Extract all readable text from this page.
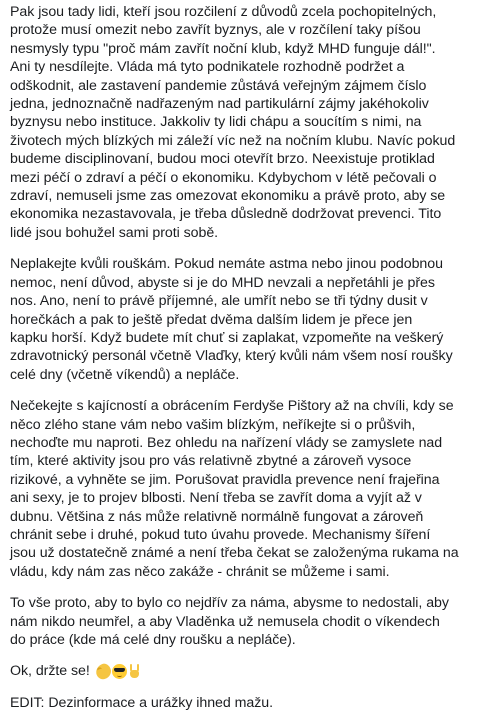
Pak jsou tady lidi, kteří jsou rozčilení z důvodů zcela pochopitelných,
protože musí omezit nebo zavřít byznys, ale v rozčílení taky píšou
nesmysly typu "proč mám zavřít noční klub, když MHD funguje dál!".
Ani ty nesdílejte. Vláda má tyto podnikatele rozhodně podržet a
odškodnit, ale zastavení pandemie zůstává veřejným zájmem číslo
jedna, jednoznačně nadřazeným nad partikulární zájmy jakéhokoliv
byznysu nebo instituce. Jakkoliv ty lidi chápu a soucítím s nimi, na
životech mých blízkých mi záleží víc než na nočním klubu. Navíc pokud
budeme disciplinovaní, budou moci otevřít brzo. Neexistuje protiklad
mezi péčí o zdraví a péčí o ekonomiku. Kdybychom v létě pečovali o
zdraví, nemuseli jsme zas omezovat ekonomiku a právě proto, aby se
ekonomika nezastavovala, je třeba důsledně dodržovat prevenci. Tito
lidé jsou bohužel sami proti sobě.

Neplakejte kvůli rouškám. Pokud nemáte astma nebo jinou podobnou
nemoc, není důvod, abyste si je do MHD nevzali a nepřetáhli je přes
nos. Ano, není to právě příjemné, ale umřít nebo se tři týdny dusit v
horečkách a pak to ještě předat dvěma dalším lidem je přece jen
kapku horší. Když budete mít chuť si zaplakat, vzpomeňte na veškerý
zdravotnický personál včetně Vlaďky, který kvůli nám všem nosí roušky
celé dny (včetně víkendů) a nepláče.

Nečekejte s kajícností a obrácením Ferdyše Pištory až na chvíli, kdy se
něco zlého stane vám nebo vašim blízkým, neříkejte si o průšvih,
nechoďte mu naproti. Bez ohledu na nařízení vlády se zamyslete nad
tím, které aktivity jsou pro vás relativně zbytné a zároveň vysoce
rizikové, a vyhněte se jim. Porušovat pravidla prevence není frajeřina
ani sexy, je to projev blbosti. Není třeba se zavřít doma a vyjít až v
dubnu. Většina z nás může relativně normálně fungovat a zároveň
chránit sebe i druhé, pokud tuto úvahu provede. Mechanismy šíření
jsou už dostatečně známé a není třeba čekat se založenýma rukama na
vládu, kdy nám zas něco zakáže - chránit se můžeme i sami.

To vše proto, aby to bylo co nejdřív za náma, abysme to nedostali, aby
nám nikdo neumřel, a aby Vladěnka už nemusela chodit o víkendech
do práce (kde má celé dny roušku a nepláče).

Ok, držte se!

EDIT: Dezinformace a urážky ihned mažu.
